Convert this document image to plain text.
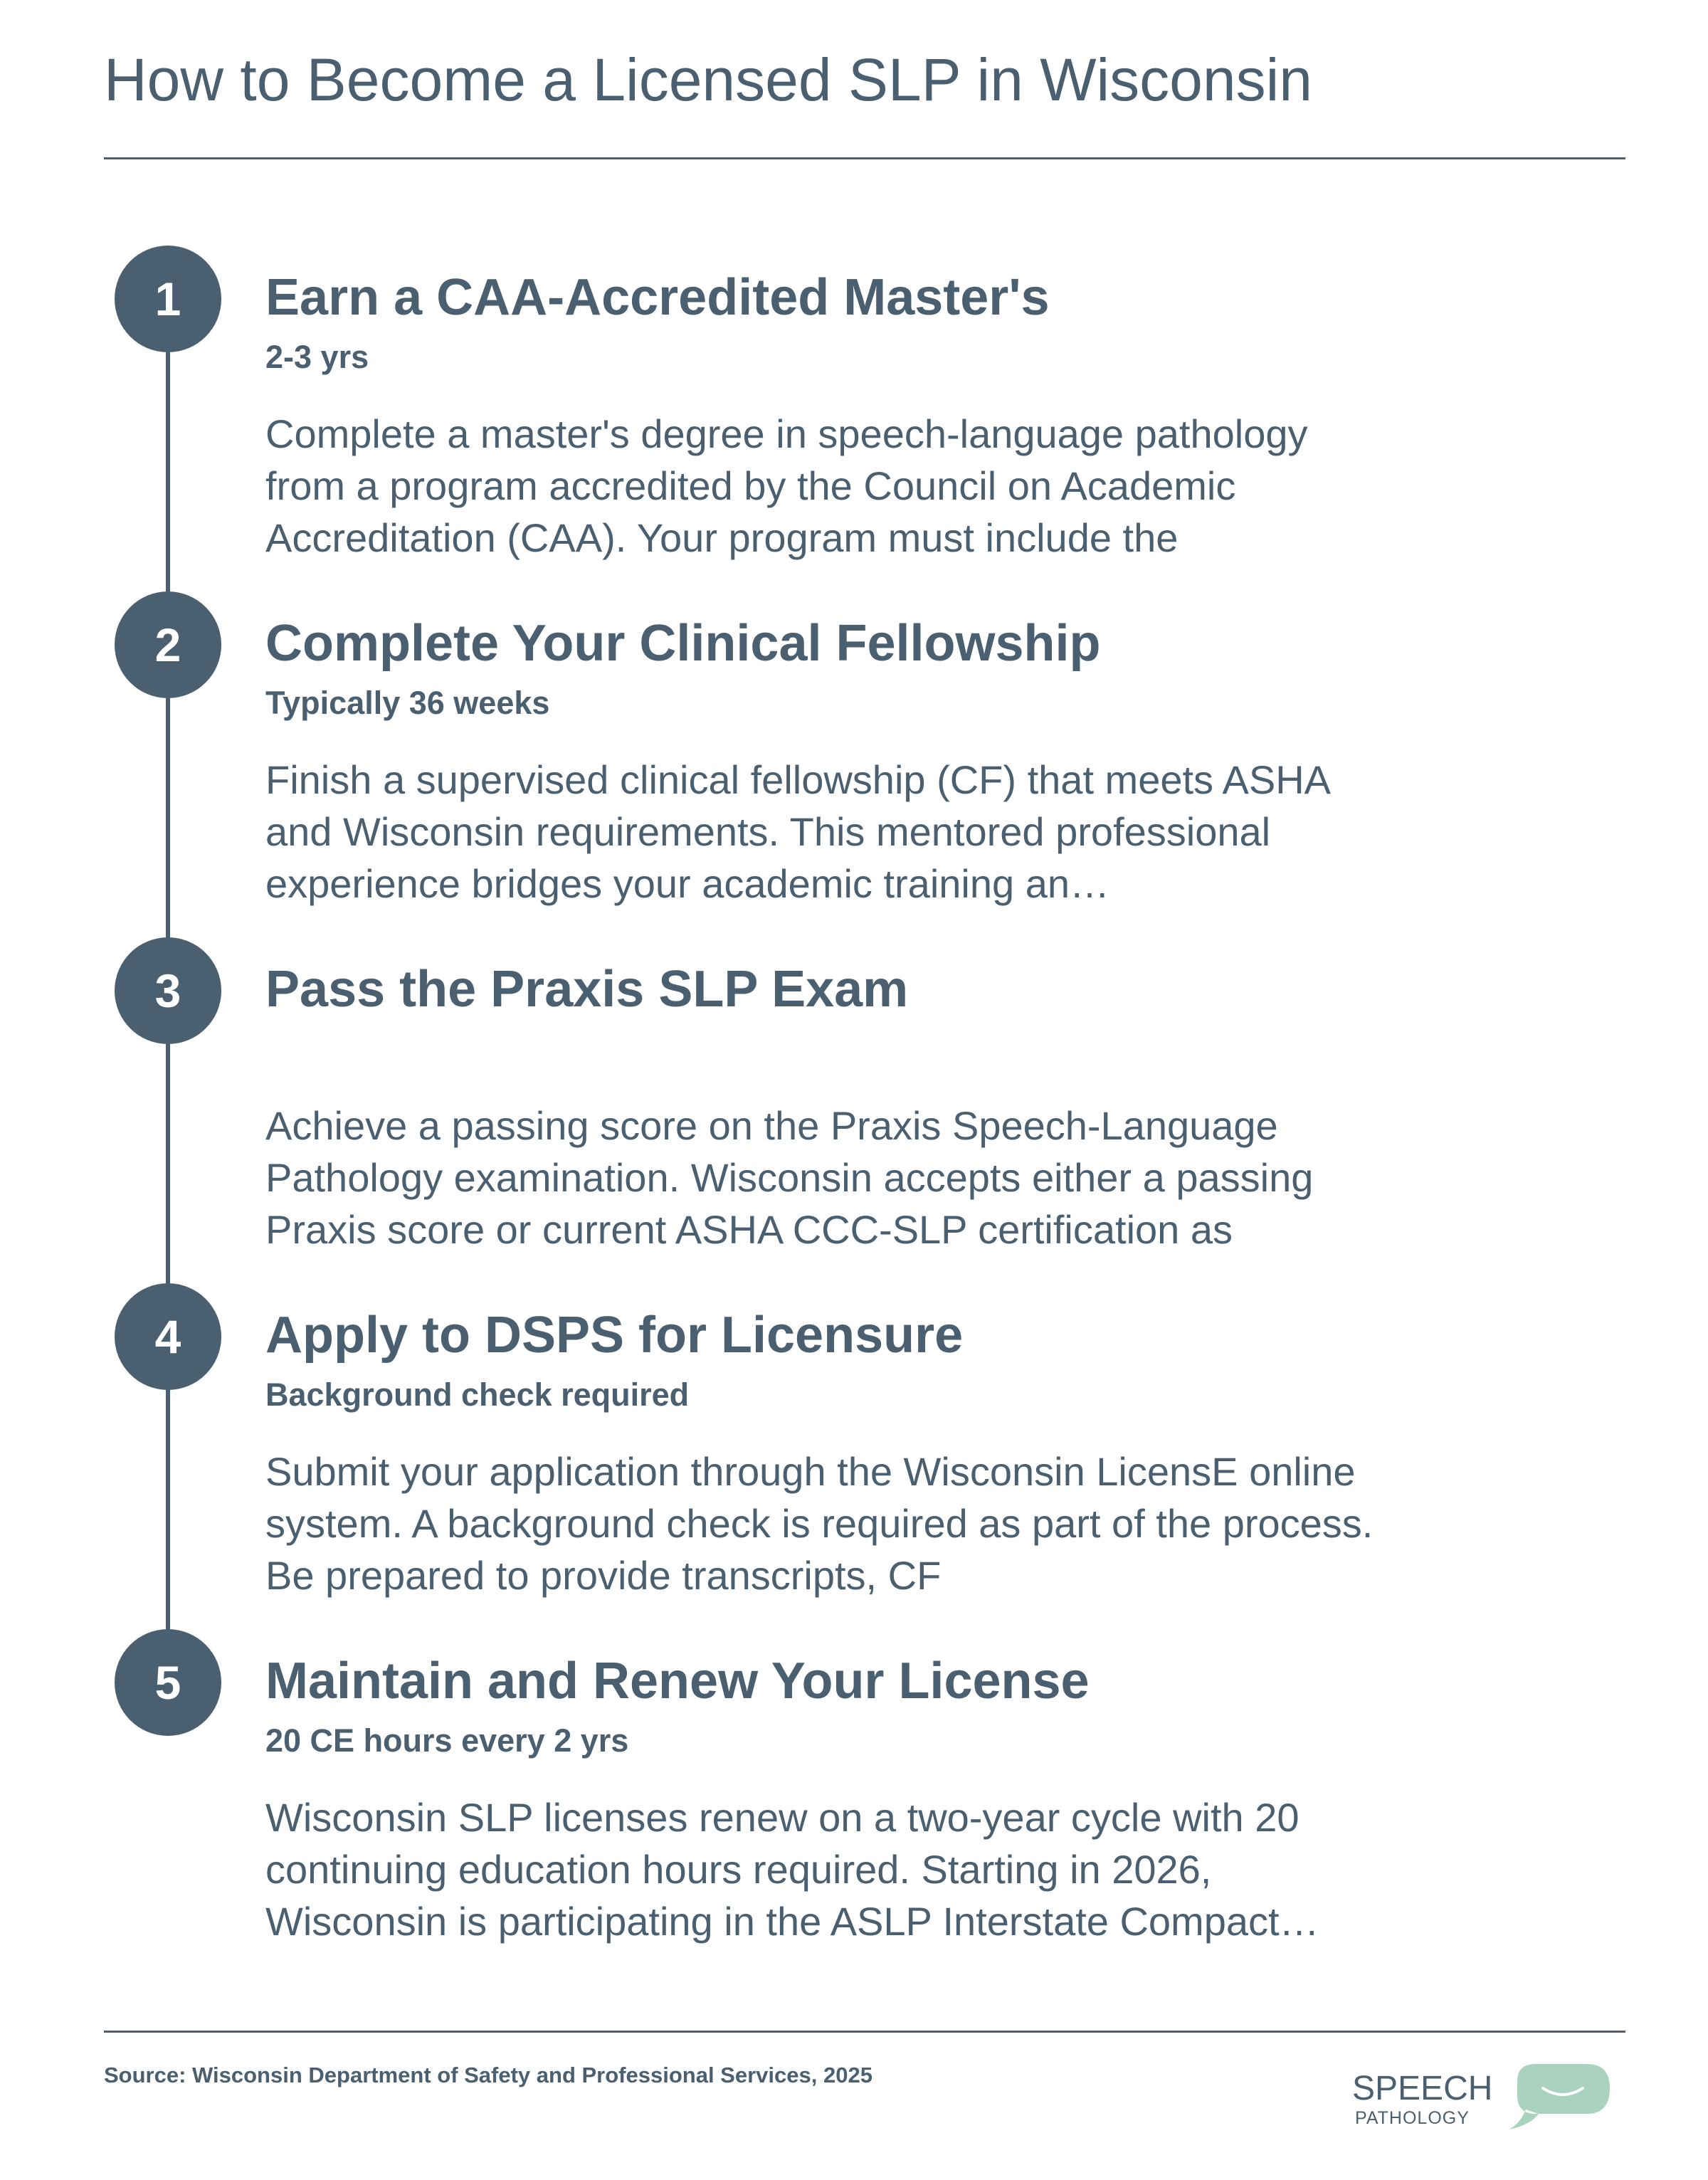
How to Become a Licensed SLP in Wisconsin
1	Earn a CAA-Accredited Master's
2-3 yrs

Complete a master's degree in speech-language pathology from a program accredited by the Council on Academic Accreditation (CAA). Your program must include the

2	Complete Your Clinical Fellowship
Typically 36 weeks

Finish a supervised clinical fellowship (CF) that meets ASHA and Wisconsin requirements. This mentored professional experience bridges your academic training an…

3	Pass the Praxis SLP Exam

Achieve a passing score on the Praxis Speech-Language Pathology examination. Wisconsin accepts either a passing Praxis score or current ASHA CCC-SLP certification as

4	Apply to DSPS for Licensure
Background check required

Submit your application through the Wisconsin LicensE online system. A background check is required as part of the process. Be prepared to provide transcripts, CF

5	Maintain and Renew Your License
20 CE hours every 2 yrs

Wisconsin SLP licenses renew on a two-year cycle with 20 continuing education hours required. Starting in 2026, Wisconsin is participating in the ASLP Interstate Compact…

Source: Wisconsin Department of Safety and Professional Services, 2025	SPEECH
PATHOLOGY
